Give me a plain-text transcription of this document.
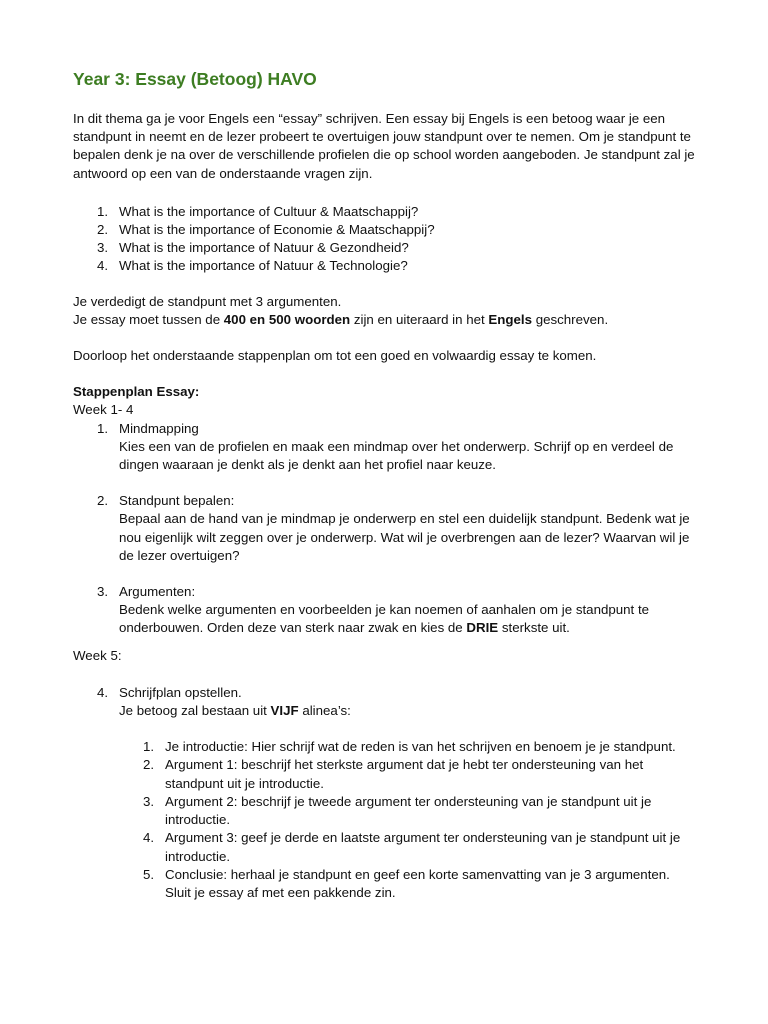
Year 3: Essay (Betoog) HAVO

In dit thema ga je voor Engels een “essay” schrijven. Een essay bij Engels is een betoog waar je een standpunt in neemt en de lezer probeert te overtuigen jouw standpunt over te nemen. Om je standpunt te bepalen denk je na over de verschillende profielen die op school worden aangeboden. Je standpunt zal je antwoord op een van de onderstaande vragen zijn.

1. What is the importance of Cultuur & Maatschappij?
2. What is the importance of Economie & Maatschappij?
3. What is the importance of Natuur & Gezondheid?
4. What is the importance of Natuur & Technologie?
Je verdedigt de standpunt met 3 argumenten.
Je essay moet tussen de 400 en 500 woorden zijn en uiteraard in het Engels geschreven.

Doorloop het onderstaande stappenplan om tot een goed en volwaardig essay te komen.

Stappenplan Essay:
Week 1- 4
1. Mindmapping
Kies een van de profielen en maak een mindmap over het onderwerp. Schrijf op en verdeel de dingen waaraan je denkt als je denkt aan het profiel naar keuze.
2. Standpunt bepalen:
Bepaal aan de hand van je mindmap je onderwerp en stel een duidelijk standpunt. Bedenk wat je nou eigenlijk wilt zeggen over je onderwerp. Wat wil je overbrengen aan de lezer? Waarvan wil je de lezer overtuigen?
3. Argumenten:
Bedenk welke argumenten en voorbeelden je kan noemen of aanhalen om je standpunt te onderbouwen. Orden deze van sterk naar zwak en kies de DRIE sterkste uit.
Week 5:
4. Schrijfplan opstellen.
Je betoog zal bestaan uit VIJF alinea’s:
1. Je introductie: Hier schrijf wat de reden is van het schrijven en benoem je je standpunt.
2. Argument 1: beschrijf het sterkste argument dat je hebt ter ondersteuning van het standpunt uit je introductie.
3. Argument 2: beschrijf je tweede argument ter ondersteuning van je standpunt uit je introductie.
4. Argument 3: geef je derde en laatste argument ter ondersteuning van je standpunt uit je introductie.
5. Conclusie: herhaal je standpunt en geef een korte samenvatting van je 3 argumenten.
Sluit je essay af met een pakkende zin.
